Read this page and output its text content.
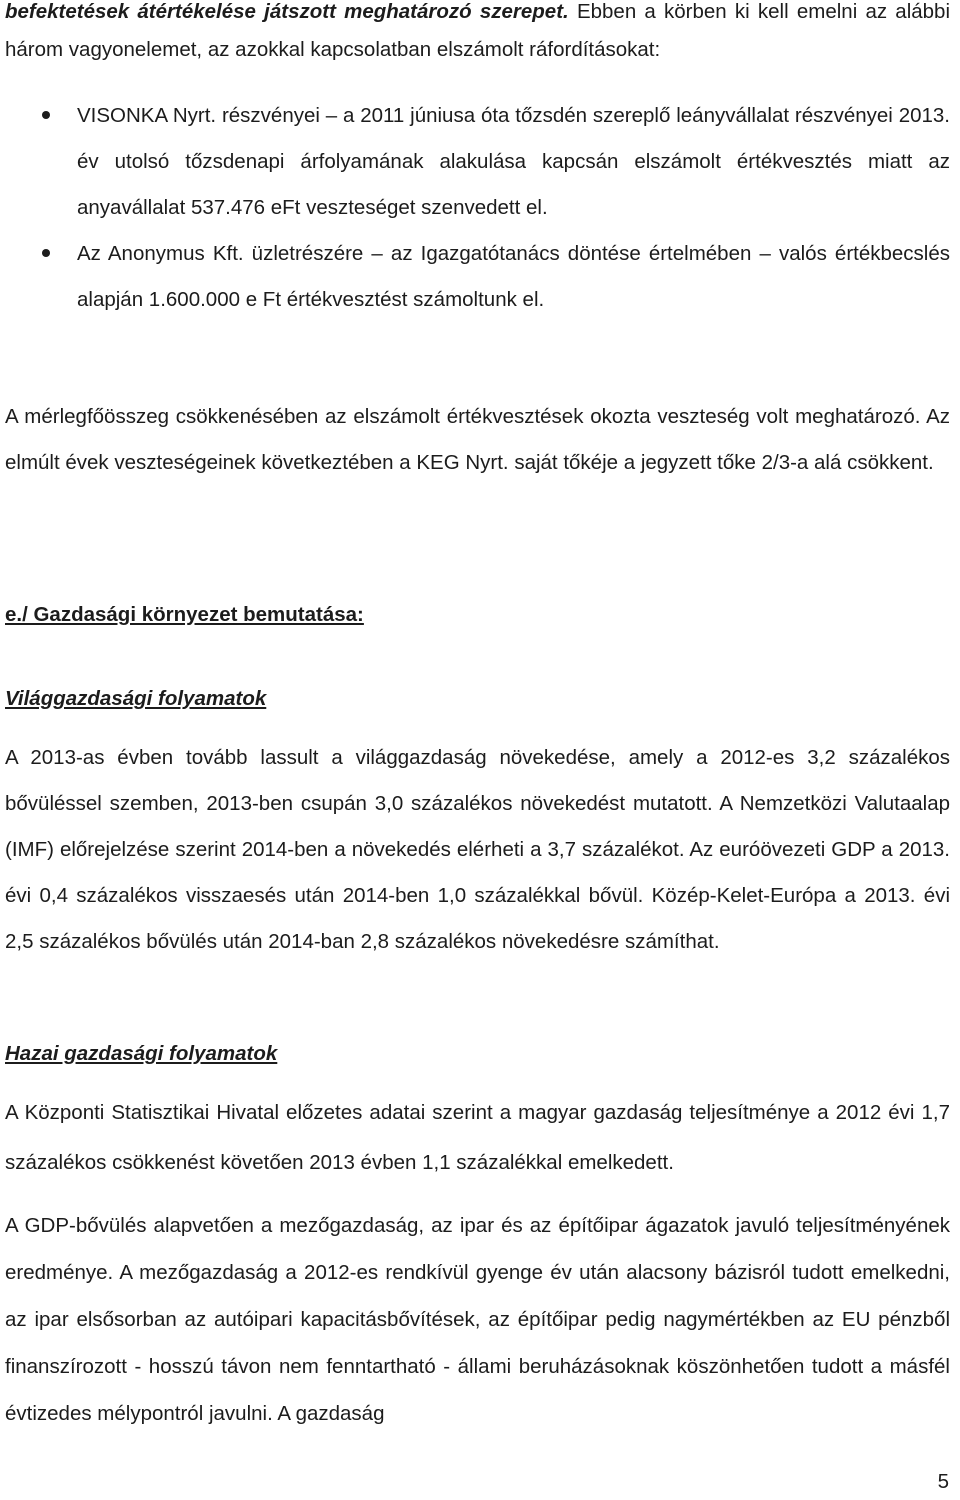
befektetések átértékelése játszott meghatározó szerepet. Ebben a körben ki kell emelni az alábbi három vagyonelemet, az azokkal kapcsolatban elszámolt ráfordításokat:

VISONKA Nyrt. részvényei – a 2011 júniusa óta tőzsdén szereplő leányvállalat részvényei 2013. év utolsó tőzsdenapi árfolyamának alakulása kapcsán elszámolt értékvesztés miatt az anyavállalat 537.476 eFt veszteséget szenvedett el.
Az Anonymus Kft. üzletrészére – az Igazgatótanács döntése értelmében – valós értékbecslés alapján 1.600.000 e Ft értékvesztést számoltunk el.

A mérlegfőösszeg csökkenésében az elszámolt értékvesztések okozta veszteség volt meghatározó. Az elmúlt évek veszteségeinek következtében a KEG Nyrt. saját tőkéje a jegyzett tőke 2/3-a alá csökkent.

e./ Gazdasági környezet bemutatása:
Világgazdasági folyamatok

A 2013-as évben tovább lassult a világgazdaság növekedése, amely a 2012-es 3,2 százalékos bővüléssel szemben, 2013-ben csupán 3,0 százalékos növekedést mutatott. A Nemzetközi Valutaalap (IMF) előrejelzése szerint 2014-ben a növekedés elérheti a 3,7 százalékot. Az euróövezeti GDP a 2013. évi 0,4 százalékos visszaesés után 2014-ben 1,0 százalékkal bővül. Közép-Kelet-Európa a 2013. évi 2,5 százalékos bővülés után 2014-ban 2,8 százalékos növekedésre számíthat.

Hazai gazdasági folyamatok

A Központi Statisztikai Hivatal előzetes adatai szerint a magyar gazdaság teljesítménye a 2012 évi 1,7 százalékos csökkenést követően 2013 évben 1,1 százalékkal emelkedett.

A GDP-bővülés alapvetően a mezőgazdaság, az ipar és az építőipar ágazatok javuló teljesítményének eredménye. A mezőgazdaság a 2012-es rendkívül gyenge év után alacsony bázisról tudott emelkedni, az ipar elsősorban az autóipari kapacitásbővítések, az építőipar pedig nagymértékben az EU pénzből finanszírozott - hosszú távon nem fenntartható - állami beruházásoknak köszönhetően tudott a másfél évtizedes mélypontról javulni. A gazdaság

5
